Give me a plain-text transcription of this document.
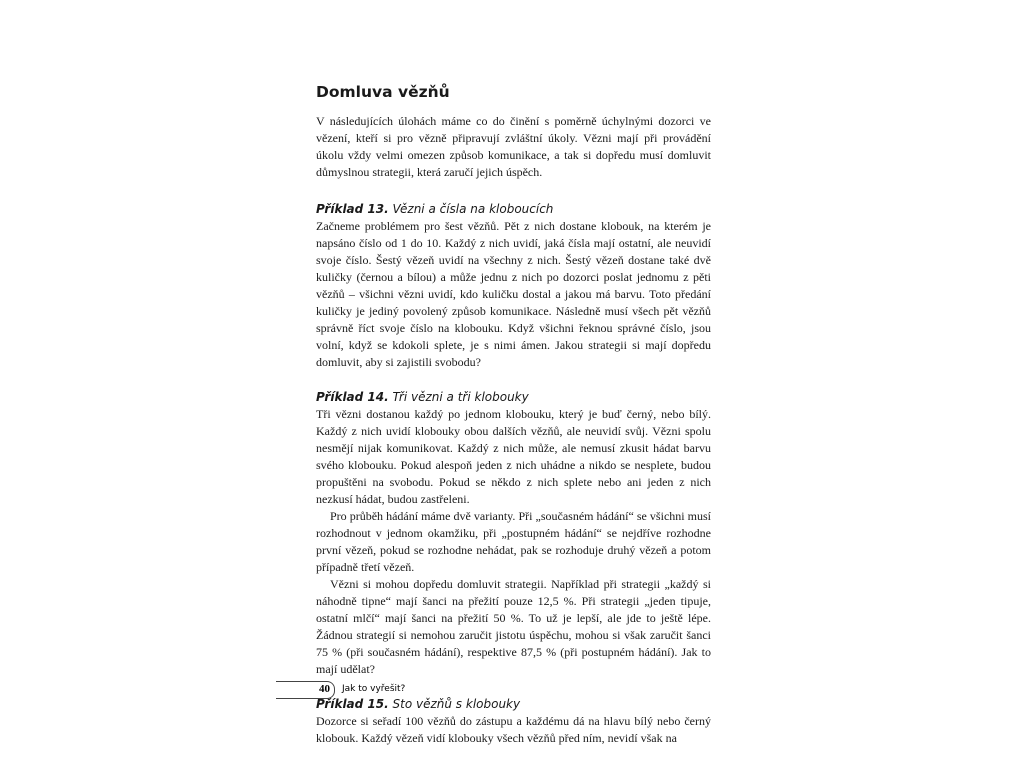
Domluva vězňů

V následujících úlohách máme co do činění s poměrně úchylnými dozorci ve vězení, kteří si pro vězně připravují zvláštní úkoly. Vězni mají při provádění úkolu vždy velmi omezen způsob komunikace, a tak si dopředu musí domluvit důmyslnou strategii, která zaručí jejich úspěch.

Příklad 13. Vězni a čísla na kloboucích

Začneme problémem pro šest vězňů. Pět z nich dostane klobouk, na kterém je napsáno číslo od 1 do 10. Každý z nich uvidí, jaká čísla mají ostatní, ale neuvidí svoje číslo. Šestý vězeň uvidí na všechny z nich. Šestý vězeň dostane také dvě kuličky (černou a bílou) a může jednu z nich po dozorci poslat jednomu z pěti vězňů – všichni vězni uvidí, kdo kuličku dostal a jakou má barvu. Toto předání kuličky je jediný povolený způsob komunikace. Následně musí všech pět vězňů správně říct svoje číslo na klobouku. Když všichni řeknou správné číslo, jsou volní, když se kdokoli splete, je s nimi ámen. Jakou strategii si mají dopředu domluvit, aby si zajistili svobodu?

Příklad 14. Tři vězni a tři klobouky

Tři vězni dostanou každý po jednom klobouku, který je buď černý, nebo bílý. Každý z nich uvidí klobouky obou dalších vězňů, ale neuvidí svůj. Vězni spolu nesmějí nijak komunikovat. Každý z nich může, ale nemusí zkusit hádat barvu svého klobouku. Pokud alespoň jeden z nich uhádne a nikdo se nesplete, budou propuštěni na svobodu. Pokud se někdo z nich splete nebo ani jeden z nich nezkusí hádat, budou zastřeleni.

Pro průběh hádání máme dvě varianty. Při „současném hádání“ se všichni musí rozhodnout v jednom okamžiku, při „postupném hádání“ se nejdříve rozhodne první vězeň, pokud se rozhodne nehádat, pak se rozhoduje druhý vězeň a potom případně třetí vězeň.

Vězni si mohou dopředu domluvit strategii. Například při strategii „každý si náhodně tipne“ mají šanci na přežití pouze 12,5 %. Při strategii „jeden tipuje, ostatní mlčí“ mají šanci na přežití 50 %. To už je lepší, ale jde to ještě lépe. Žádnou strategií si nemohou zaručit jistotu úspěchu, mohou si však zaručit šanci 75 % (při současném hádání), respektive 87,5 % (při postupném hádání). Jak to mají udělat?

Příklad 15. Sto vězňů s klobouky

Dozorce si seřadí 100 vězňů do zástupu a každému dá na hlavu bílý nebo černý klobouk. Každý vězeň vidí klobouky všech vězňů před ním, nevidí však na

40 Jak to vyřešit?
